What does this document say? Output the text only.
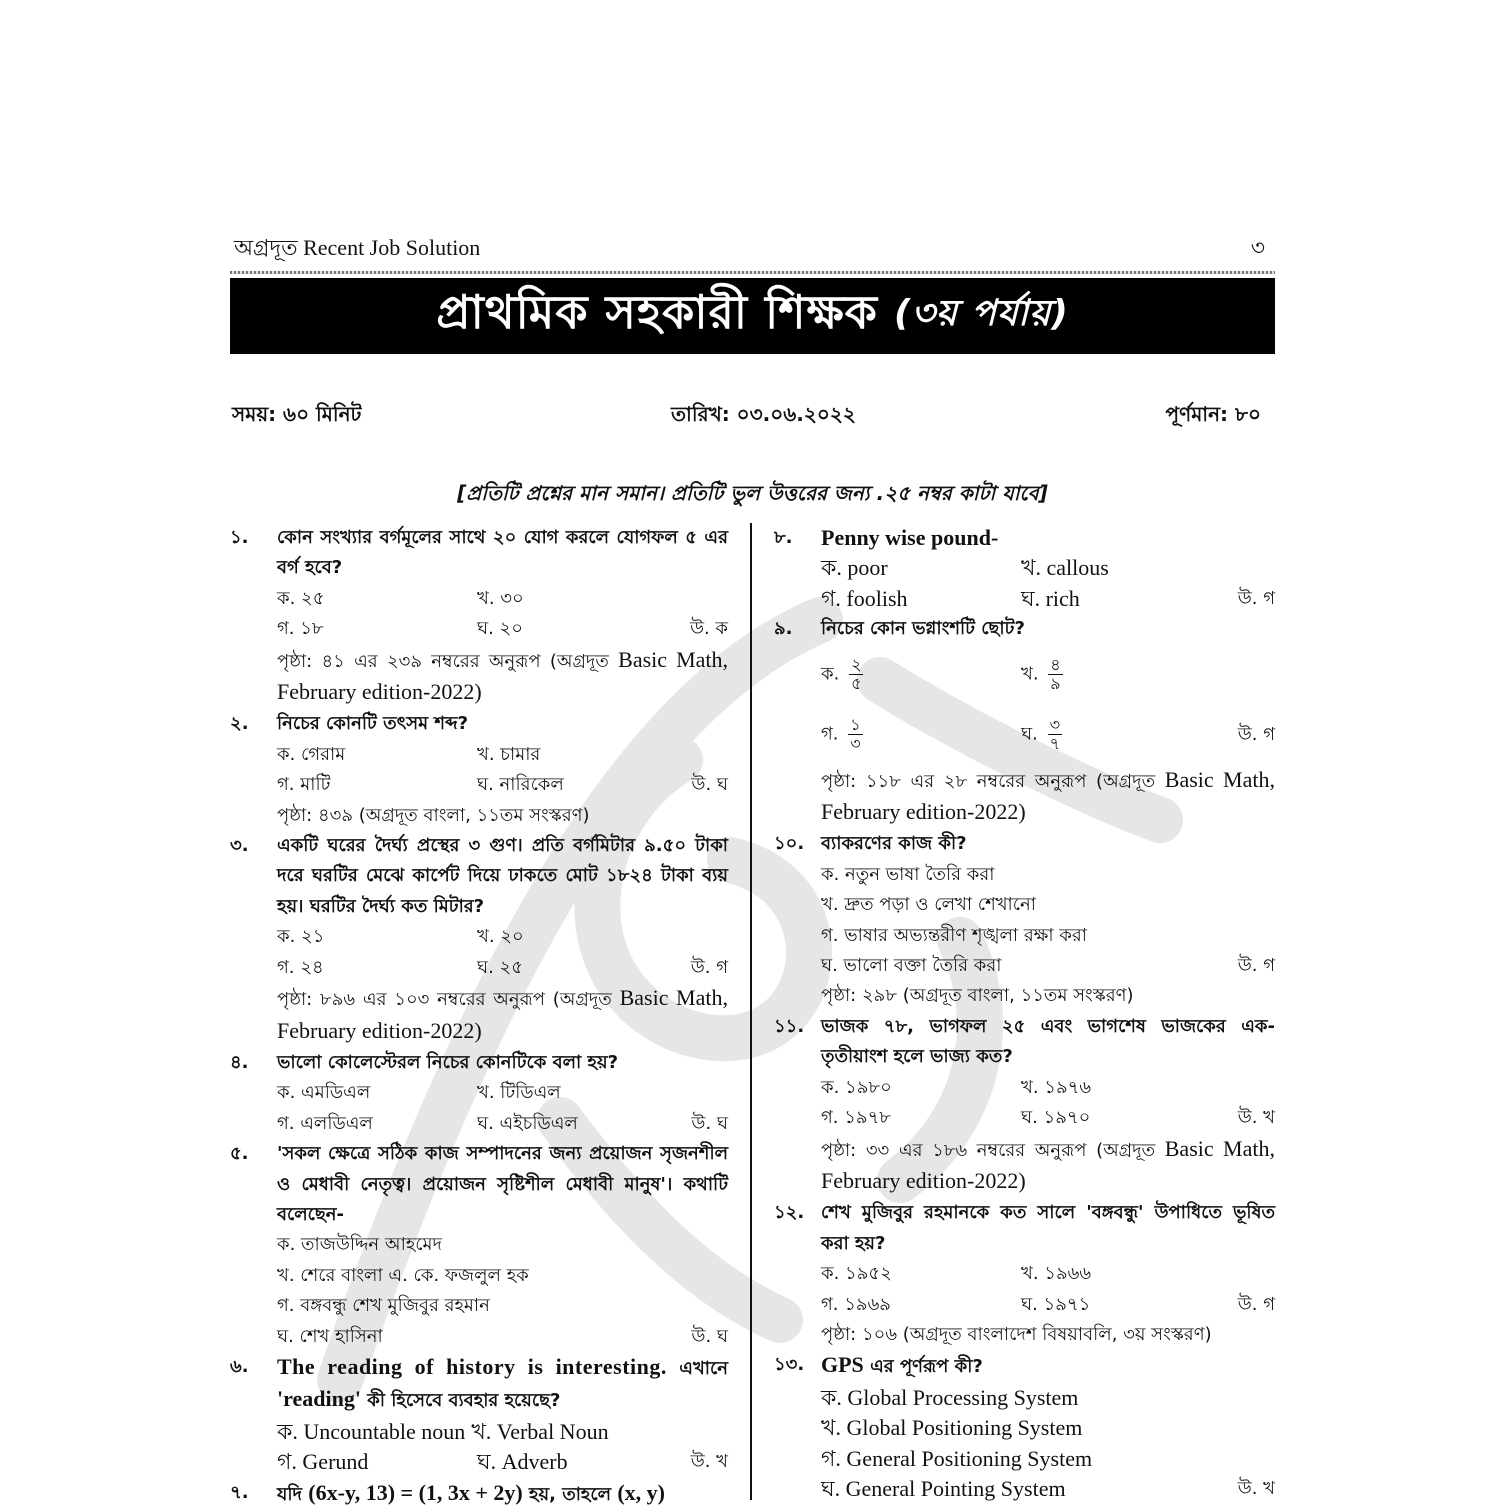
অগ্রদূত Recent Job Solution	৩
প্রাথমিক সহকারী শিক্ষক (৩য় পর্যায়)
সময়: ৬০ মিনিট	তারিখ: ০৩.০৬.২০২২	পূর্ণমান: ৮০
[প্রতিটি প্রশ্নের মান সমান। প্রতিটি ভুল উত্তরের জন্য .২৫ নম্বর কাটা যাবে]
১.	কোন সংখ্যার বর্গমূলের সাথে ২০ যোগ করলে যোগফল ৫ এর বর্গ হবে?
ক. ২৫	খ. ৩০
গ. ১৮	ঘ. ২০	উ. ক
পৃষ্ঠা: ৪১ এর ২৩৯ নম্বরের অনুরূপ (অগ্রদূত Basic Math, February edition-2022)
২.	নিচের কোনটি তৎসম শব্দ?
ক. গেরাম	খ. চামার
গ. মাটি	ঘ. নারিকেল	উ. ঘ
পৃষ্ঠা: ৪৩৯ (অগ্রদূত বাংলা, ১১তম সংস্করণ)
৩.	একটি ঘরের দৈর্ঘ্য প্রস্থের ৩ গুণ। প্রতি বর্গমিটার ৯.৫০ টাকা দরে ঘরটির মেঝে কার্পেট দিয়ে ঢাকতে মোট ১৮২৪ টাকা ব্যয় হয়। ঘরটির দৈর্ঘ্য কত মিটার?
ক. ২১	খ. ২০
গ. ২৪	ঘ. ২৫	উ. গ
পৃষ্ঠা: ৮৯৬ এর ১০৩ নম্বরের অনুরূপ (অগ্রদূত Basic Math, February edition-2022)
৪.	ভালো কোলেস্টেরল নিচের কোনটিকে বলা হয়?
ক. এমডিএল	খ. টিডিএল
গ. এলডিএল	ঘ. এইচডিএল	উ. ঘ
৫.	'সকল ক্ষেত্রে সঠিক কাজ সম্পাদনের জন্য প্রয়োজন সৃজনশীল ও মেধাবী নেতৃত্ব। প্রয়োজন সৃষ্টিশীল মেধাবী মানুষ'। কথাটি বলেছেন-
ক. তাজউদ্দিন আহমেদ
খ. শেরে বাংলা এ. কে. ফজলুল হক
গ. বঙ্গবন্ধু শেখ মুজিবুর রহমান
ঘ. শেখ হাসিনা	উ. ঘ
৬.	The reading of history is interesting. এখানে 'reading' কী হিসেবে ব্যবহার হয়েছে?
ক. Uncountable noun খ. Verbal Noun
গ. Gerund	ঘ. Adverb	উ. খ
৭.	যদি (6x-y, 13) = (1, 3x + 2y) হয়, তাহলে (x, y)
৮.	Penny wise pound-
ক. poor	খ. callous
গ. foolish	ঘ. rich	উ. গ
৯.	নিচের কোন ভগ্নাংশটি ছোট?
ক. $\frac{২}{৫}$	খ. $\frac{৪}{৯}$
গ. $\frac{১}{৩}$	ঘ. $\frac{৩}{৭}$	উ. গ
পৃষ্ঠা: ১১৮ এর ২৮ নম্বরের অনুরূপ (অগ্রদূত Basic Math, February edition-2022)
১০. ব্যাকরণের কাজ কী?
ক. নতুন ভাষা তৈরি করা
খ. দ্রুত পড়া ও লেখা শেখানো
গ. ভাষার অভ্যন্তরীণ শৃঙ্খলা রক্ষা করা
ঘ. ভালো বক্তা তৈরি করা	উ. গ
পৃষ্ঠা: ২৯৮ (অগ্রদূত বাংলা, ১১তম সংস্করণ)
১১. ভাজক ৭৮, ভাগফল ২৫ এবং ভাগশেষ ভাজকের এক-তৃতীয়াংশ হলে ভাজ্য কত?
ক. ১৯৮০	খ. ১৯৭৬
গ. ১৯৭৮	ঘ. ১৯৭০	উ. খ
পৃষ্ঠা: ৩৩ এর ১৮৬ নম্বরের অনুরূপ (অগ্রদূত Basic Math, February edition-2022)
১২. শেখ মুজিবুর রহমানকে কত সালে 'বঙ্গবন্ধু' উপাধিতে ভূষিত করা হয়?
ক. ১৯৫২	খ. ১৯৬৬
গ. ১৯৬৯	ঘ. ১৯৭১	উ. গ
পৃষ্ঠা: ১০৬ (অগ্রদূত বাংলাদেশ বিষয়াবলি, ৩য় সংস্করণ)
১৩. GPS এর পূর্ণরূপ কী?
ক. Global Processing System
খ. Global Positioning System
গ. General Positioning System
ঘ. General Pointing System	উ. খ
